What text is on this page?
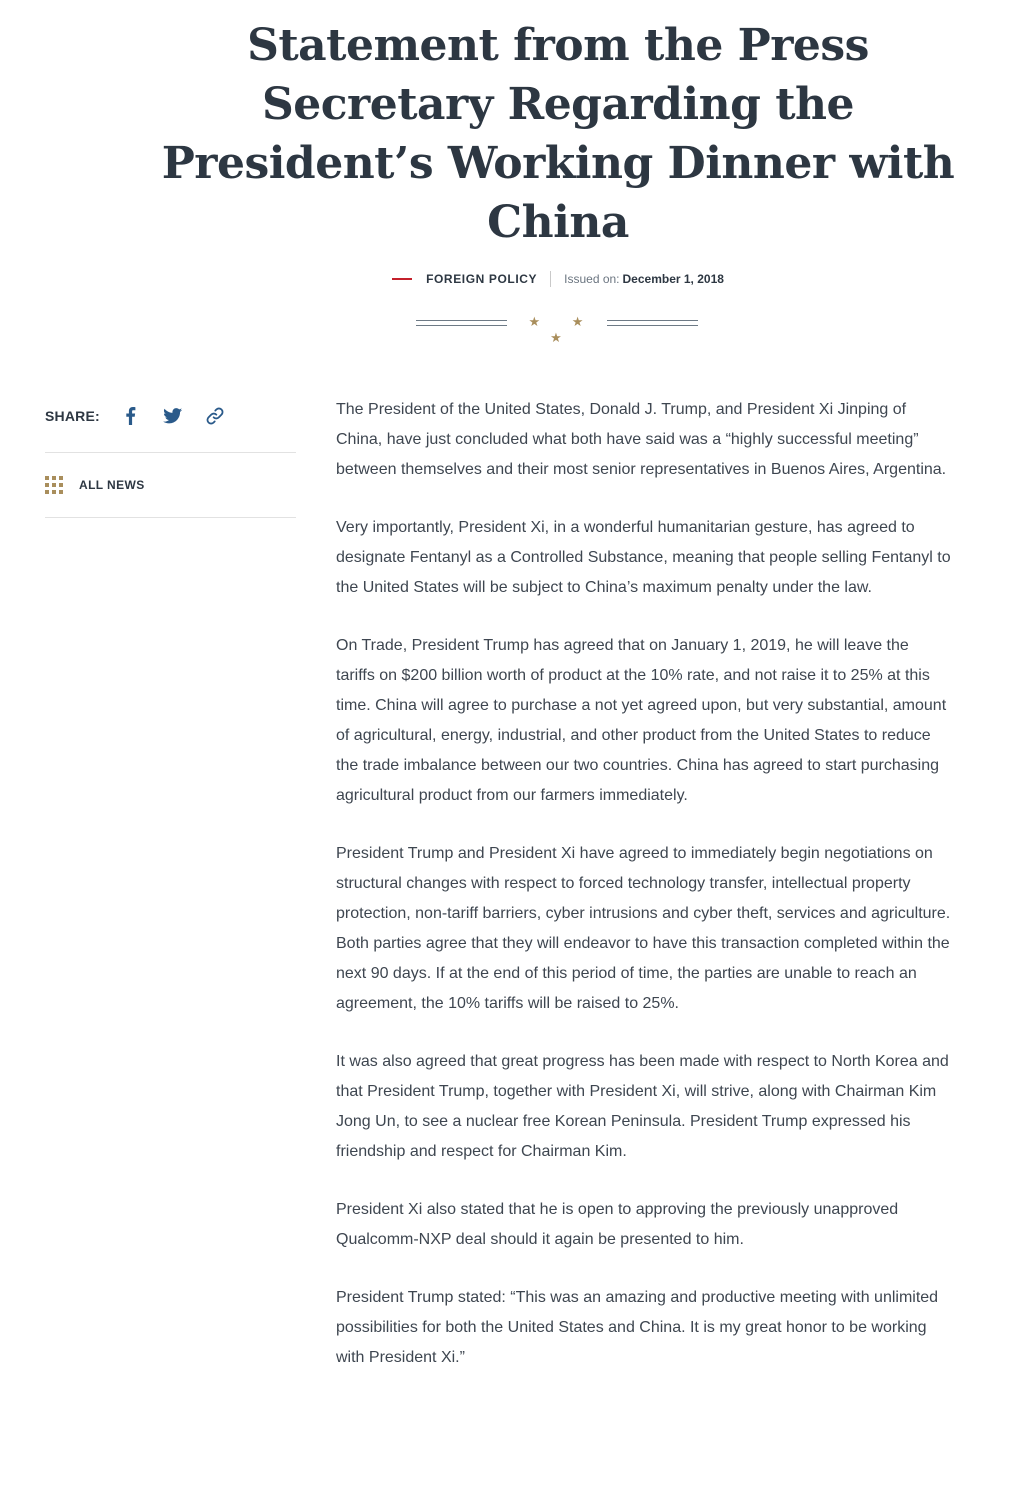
Statement from the Press Secretary Regarding the President’s Working Dinner with China
FOREIGN POLICY Issued on: December 1, 2018
★ ★ ★
SHARE:
ALL NEWS

The President of the United States, Donald J. Trump, and President Xi Jinping of China, have just concluded what both have said was a “highly successful meeting” between themselves and their most senior representatives in Buenos Aires, Argentina.

Very importantly, President Xi, in a wonderful humanitarian gesture, has agreed to designate Fentanyl as a Controlled Substance, meaning that people selling Fentanyl to the United States will be subject to China’s maximum penalty under the law.

On Trade, President Trump has agreed that on January 1, 2019, he will leave the tariffs on $200 billion worth of product at the 10% rate, and not raise it to 25% at this time. China will agree to purchase a not yet agreed upon, but very substantial, amount of agricultural, energy, industrial, and other product from the United States to reduce the trade imbalance between our two countries. China has agreed to start purchasing agricultural product from our farmers immediately.

President Trump and President Xi have agreed to immediately begin negotiations on structural changes with respect to forced technology transfer, intellectual property protection, non-tariff barriers, cyber intrusions and cyber theft, services and agriculture. Both parties agree that they will endeavor to have this transaction completed within the next 90 days. If at the end of this period of time, the parties are unable to reach an agreement, the 10% tariffs will be raised to 25%.

It was also agreed that great progress has been made with respect to North Korea and that President Trump, together with President Xi, will strive, along with Chairman Kim Jong Un, to see a nuclear free Korean Peninsula. President Trump expressed his friendship and respect for Chairman Kim.

President Xi also stated that he is open to approving the previously unapproved Qualcomm-NXP deal should it again be presented to him.

President Trump stated: “This was an amazing and productive meeting with unlimited possibilities for both the United States and China. It is my great honor to be working with President Xi.”
